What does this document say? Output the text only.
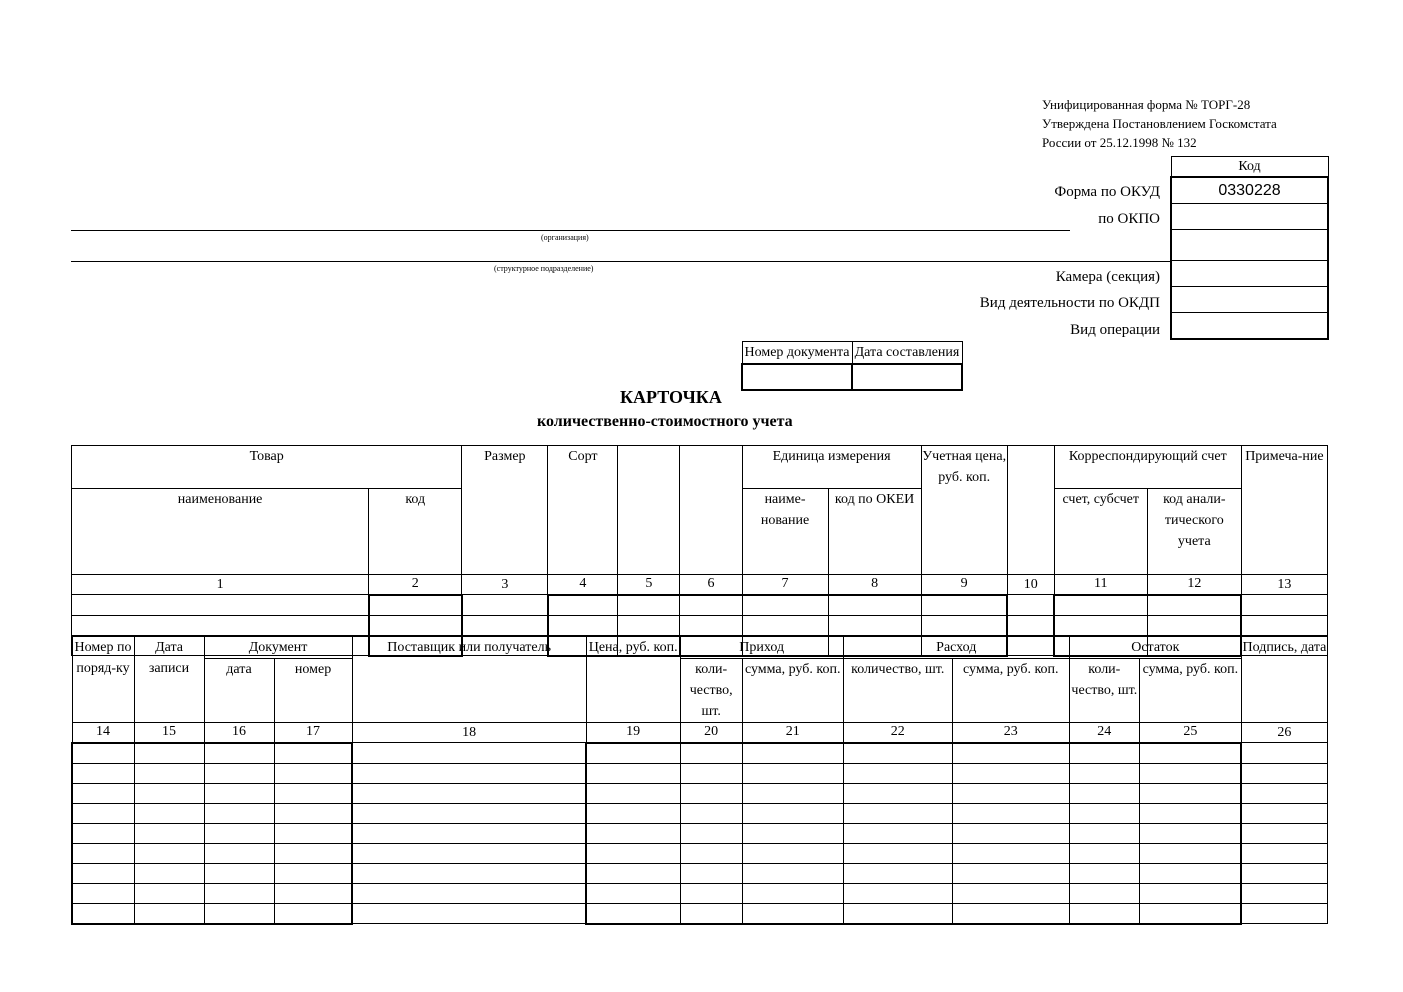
Унифицированная форма № ТОРГ-28
Утверждена Постановлением Госкомстата
России от 25.12.1998 № 132
Код
0330228

Форма по ОКУД
по ОКПО
Камера (секция)
Вид деятельности по ОКДП
Вид операции
(организация)
(структурное подразделение)
Номер документа	Дата составления

КАРТОЧКА
количественно-стоимостного учета
Товар		Размер	Сорт			Единица измерения		Учетная цена, руб. коп.		Корреспондирующий счет		Примеча-ние
наименование	код					наиме-нование	код по ОКЕИ			счет, субсчет	код анали-тического учета	
1	2	3	4	5	6	7	8	9	10	11	12	13

Номер по поряд-ку	Дата записи	Документ		Поставщик или получатель	Цена, руб. коп.	Приход		Расход		Остаток		Подпись, дата
		дата	номер			коли-чество, шт.	сумма, руб. коп.	количество, шт.	сумма, руб. коп.	коли-чество, шт.	сумма, руб. коп.	
14	15	16	17	18	19	20	21	22	23	24	25	26
